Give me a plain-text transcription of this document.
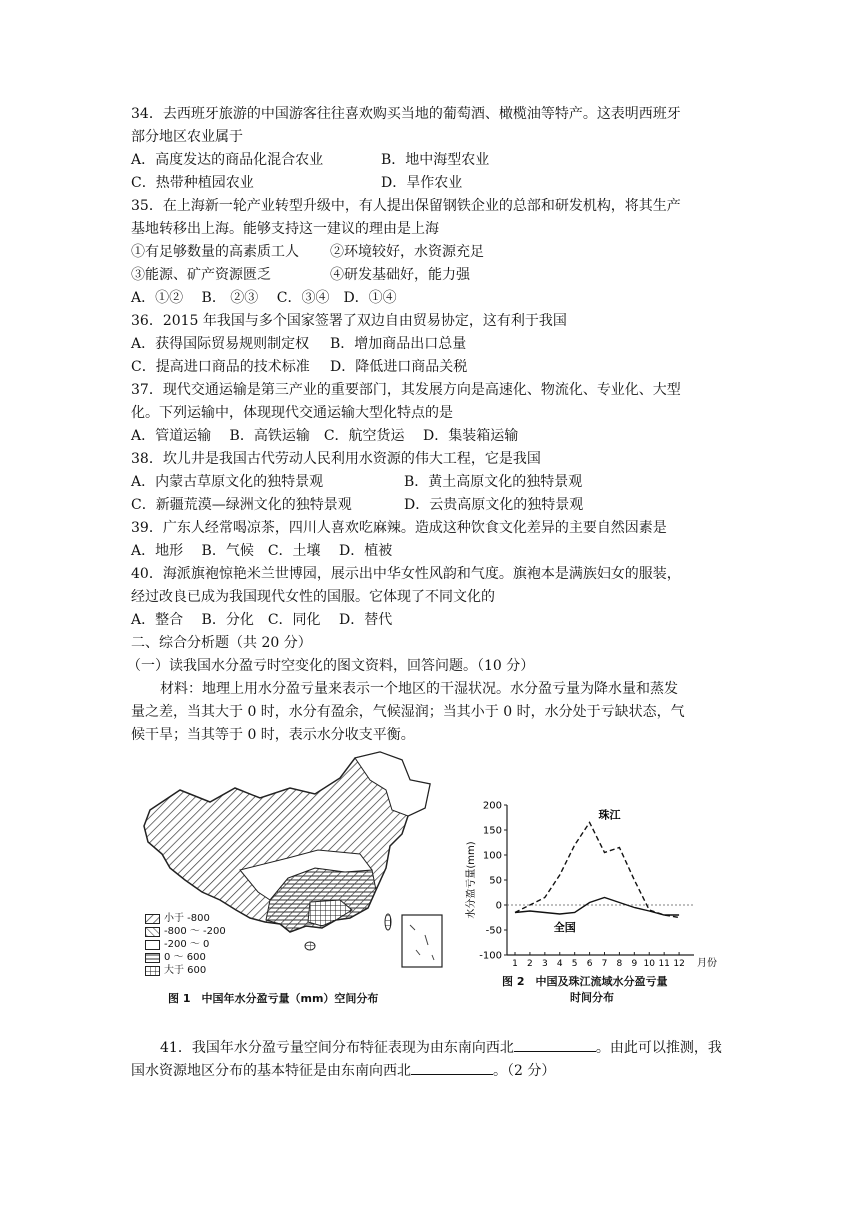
34．去西班牙旅游的中国游客往往喜欢购买当地的葡萄酒、橄榄油等特产。这表明西班牙
部分地区农业属于
A．高度发达的商品化混合农业	B．地中海型农业
C．热带种植园农业	D．旱作农业
35．在上海新一轮产业转型升级中，有人提出保留钢铁企业的总部和研发机构，将其生产
基地转移出上海。能够支持这一建议的理由是上海
①有足够数量的高素质工人 ②环境较好，水资源充足
③能源、矿产资源匮乏	④研发基础好，能力强
A．①②　 B． ②③　 C．③④　D．①④
36．2015 年我国与多个国家签署了双边自由贸易协定，这有利于我国
A．获得国际贸易规则制定权 B．增加商品出口总量
C．提高进口商品的技术标准 D．降低进口商品关税
37．现代交通运输是第三产业的重要部门，其发展方向是高速化、物流化、专业化、大型
化。下列运输中，体现现代交通运输大型化特点的是
A．管道运输　 B．高铁运输　C．航空货运　 D．集装箱运输
38．坎儿井是我国古代劳动人民利用水资源的伟大工程，它是我国
A．内蒙古草原文化的独特景观	B．黄土高原文化的独特景观
C．新疆荒漠—绿洲文化的独特景观	D．云贵高原文化的独特景观
39．广东人经常喝凉茶，四川人喜欢吃麻辣。造成这种饮食文化差异的主要自然因素是
A．地形　 B．气候　C．土壤　 D．植被
40．海派旗袍惊艳米兰世博园，展示出中华女性风韵和气度。旗袍本是满族妇女的服装，
经过改良已成为我国现代女性的国服。它体现了不同文化的
A．整合　 B．分化　C．同化　 D．替代
二、综合分析题（共 20 分）
（一）读我国水分盈亏时空变化的图文资料，回答问题。（10 分）
材料：地理上用水分盈亏量来表示一个地区的干湿状况。水分盈亏量为降水量和蒸发
量之差，当其大于 0 时，水分有盈余，气候湿润；当其小于 0 时，水分处于亏缺状态，气
候干旱；当其等于 0 时，表示水分收支平衡。
小于 -800
-800 ～ -200
-200 ～ 0
0 ～ 600
大于 600
图 1　中国年水分盈亏量（mm）空间分布
水分盈亏量(mm)
200
150
100
50
0
-50
-100
1 2 3 4 5 6 7 8 9 10 11 12 月份
珠江
全国
图 2　中国及珠江流域水分盈亏量
时间分布
41．我国年水分盈亏量空间分布特征表现为由东南向西北	。由此可以推测，我
国水资源地区分布的基本特征是由东南向西北	。（2 分）
